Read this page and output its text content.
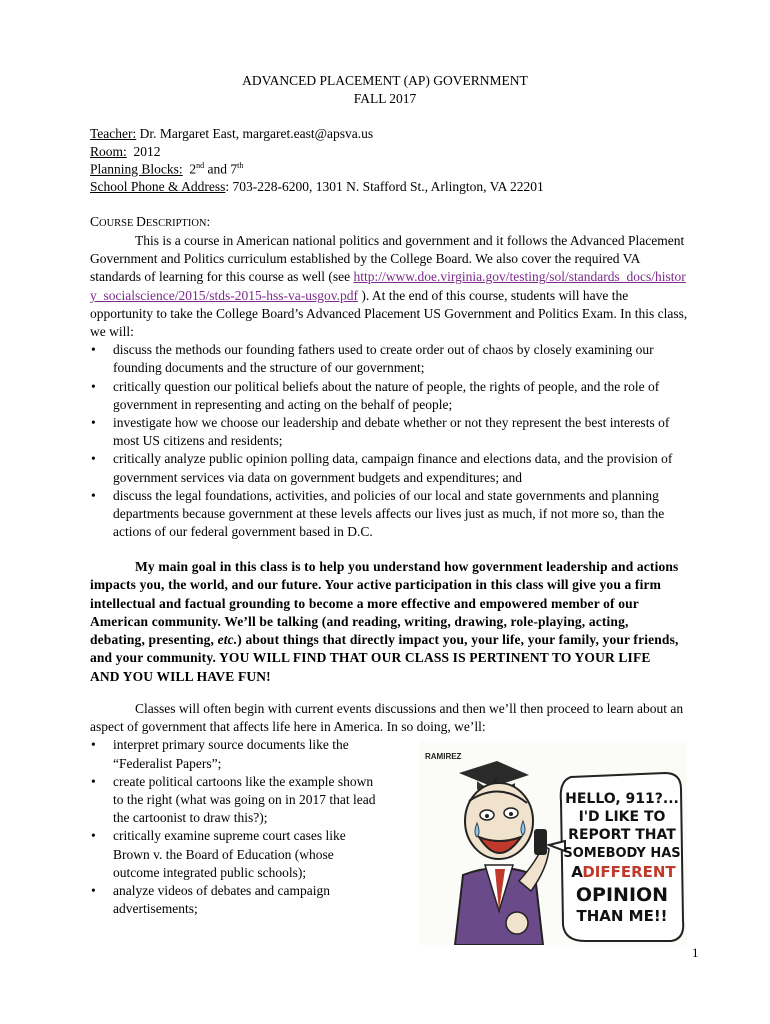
ADVANCED PLACEMENT (AP) GOVERNMENT
FALL 2017
Teacher: Dr. Margaret East, margaret.east@apsva.us
Room:  2012
Planning Blocks:  2nd and 7th
School Phone & Address: 703-228-6200, 1301 N. Stafford St., Arlington, VA 22201
COURSE DESCRIPTION:

This is a course in American national politics and government and it follows the Advanced Placement Government and Politics curriculum established by the College Board. We also cover the required VA standards of learning for this course as well (see http://www.doe.virginia.gov/testing/sol/standards_docs/history_socialscience/2015/stds-2015-hss-va-usgov.pdf ). At the end of this course, students will have the opportunity to take the College Board’s Advanced Placement US Government and Politics Exam. In this class, we will:

• discuss the methods our founding fathers used to create order out of chaos by closely examining our founding documents and the structure of our government;
• critically question our political beliefs about the nature of people, the rights of people, and the role of government in representing and acting on the behalf of people;
• investigate how we choose our leadership and debate whether or not they represent the best interests of most US citizens and residents;
• critically analyze public opinion polling data, campaign finance and elections data, and the provision of government services via data on government budgets and expenditures; and
• discuss the legal foundations, activities, and policies of our local and state governments and planning departments because government at these levels affects our lives just as much, if not more so, than the actions of our federal government based in D.C.
My main goal in this class is to help you understand how government leadership and actions impacts you, the world, and our future. Your active participation in this class will give you a firm intellectual and factual grounding to become a more effective and empowered member of our American community. We’ll be talking (and reading, writing, drawing, role-playing, acting, debating, presenting, etc.) about things that directly impact you, your life, your family, your friends, and your community. YOU WILL FIND THAT OUR CLASS IS PERTINENT TO YOUR LIFE AND YOU WILL HAVE FUN!

Classes will often begin with current events discussions and then we’ll then proceed to learn about an aspect of government that affects life here in America. In so doing, we’ll:

• interpret primary source documents like the “Federalist Papers”;
• create political cartoons like the example shown to the right (what was going on in 2017 that lead the cartoonist to draw this?);
• critically examine supreme court cases like Brown v. the Board of Education (whose outcome integrated public schools);
• analyze videos of debates and campaign advertisements;
RAMIREZ
HELLO, 911?...
I'D LIKE TO
REPORT THAT
SOMEBODY HAS
A DIFFERENT
OPINION
THAN ME!!
1
